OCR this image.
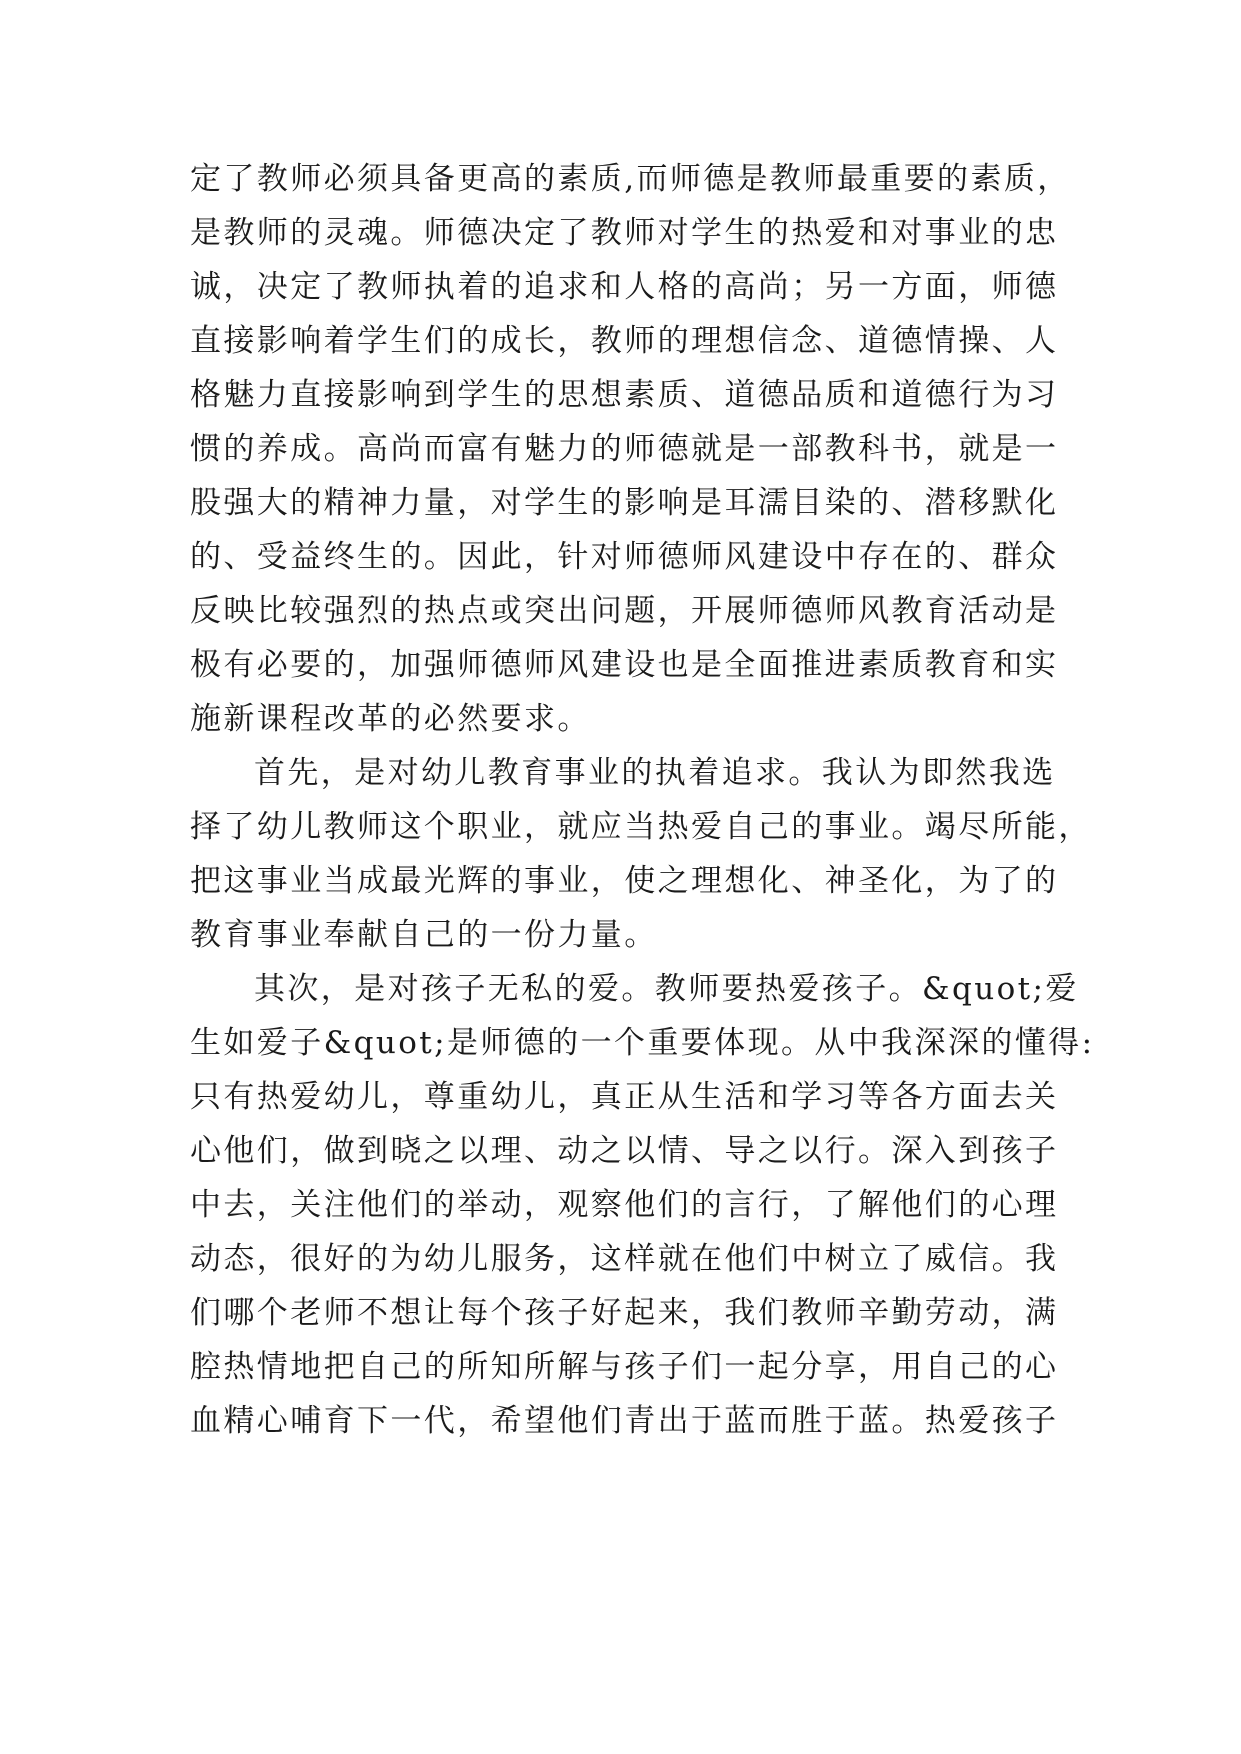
定了教师必须具备更高的素质,而师德是教师最重要的素质，
是教师的灵魂。师德决定了教师对学生的热爱和对事业的忠
诚，决定了教师执着的追求和人格的高尚；另一方面，师德
直接影响着学生们的成长，教师的理想信念、道德情操、人
格魅力直接影响到学生的思想素质、道德品质和道德行为习
惯的养成。高尚而富有魅力的师德就是一部教科书，就是一
股强大的精神力量，对学生的影响是耳濡目染的、潜移默化
的、受益终生的。因此，针对师德师风建设中存在的、群众
反映比较强烈的热点或突出问题，开展师德师风教育活动是
极有必要的，加强师德师风建设也是全面推进素质教育和实
施新课程改革的必然要求。
首先，是对幼儿教育事业的执着追求。我认为即然我选
择了幼儿教师这个职业，就应当热爱自己的事业。竭尽所能，
把这事业当成最光辉的事业，使之理想化、神圣化，为了的
教育事业奉献自己的一份力量。
其次，是对孩子无私的爱。教师要热爱孩子。&quot;爱
生如爱子&quot;是师德的一个重要体现。从中我深深的懂得:
只有热爱幼儿，尊重幼儿，真正从生活和学习等各方面去关
心他们，做到晓之以理、动之以情、导之以行。深入到孩子
中去，关注他们的举动，观察他们的言行，了解他们的心理
动态，很好的为幼儿服务，这样就在他们中树立了威信。我
们哪个老师不想让每个孩子好起来，我们教师辛勤劳动，满
腔热情地把自己的所知所解与孩子们一起分享，用自己的心
血精心哺育下一代，希望他们青出于蓝而胜于蓝。热爱孩子
